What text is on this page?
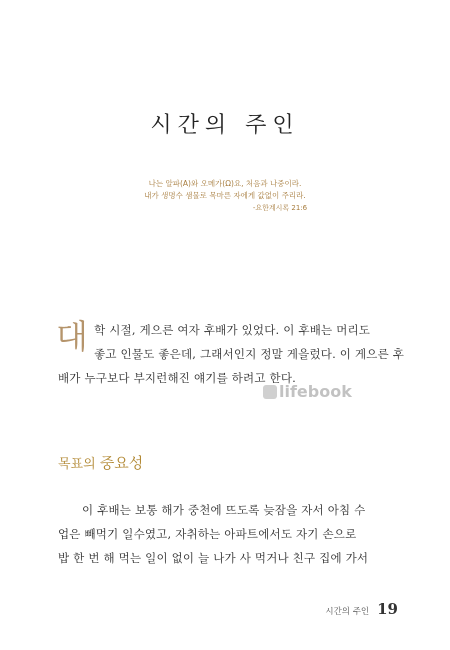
시간의 주인
나는 알파(Α)와 오메가(Ω)요, 처음과 나중이라.
내가 생명수 샘물로 목마른 자에게 값없이 주리라.
-요한계시록 21:6
대 학 시절, 게으른 여자 후배가 있었다. 이 후배는 머리도
좋고 인물도 좋은데, 그래서인지 정말 게을렀다. 이 게으른 후
배가 누구보다 부지런해진 얘기를 하려고 한다.
lifebook
목표의 중요성
이 후배는 보통 해가 중천에 뜨도록 늦잠을 자서 아침 수
업은 빼먹기 일수였고, 자취하는 아파트에서도 자기 손으로
밥 한 번 해 먹는 일이 없이 늘 나가 사 먹거나 친구 집에 가서
시간의 주인 19
